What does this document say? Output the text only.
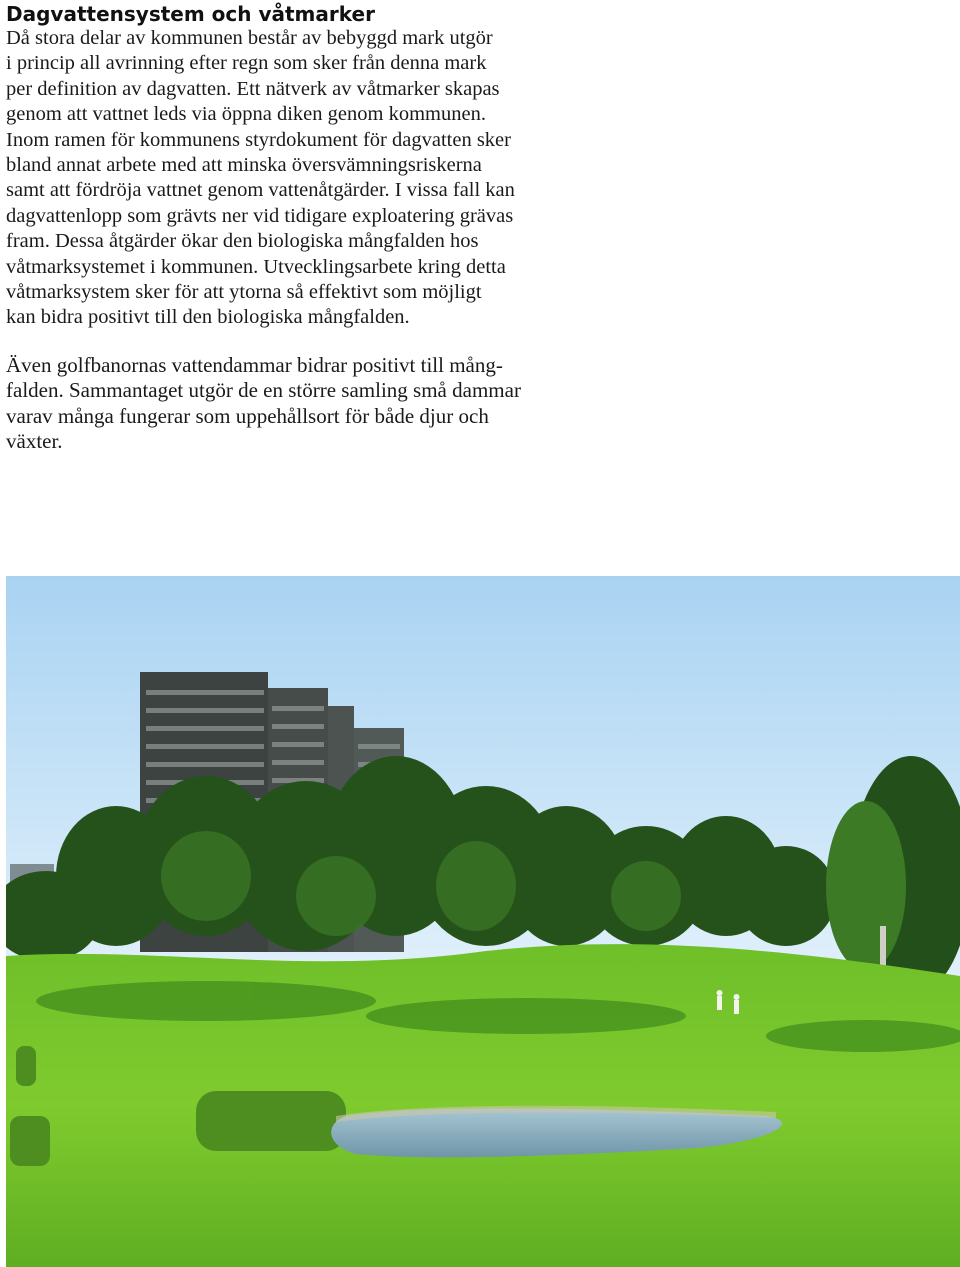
Dagvattensystem och våtmarker

Då stora delar av kommunen består av bebyggd mark utgör
i princip all avrinning efter regn som sker från denna mark
per definition av dagvatten. Ett nätverk av våtmarker skapas
genom att vattnet leds via öppna diken genom kommunen.
Inom ramen för kommunens styrdokument för dagvatten sker
bland annat arbete med att minska översvämningsriskerna
samt att fördröja vattnet genom vattenåtgärder. I vissa fall kan
dagvattenlopp som grävts ner vid tidigare exploatering grävas
fram. Dessa åtgärder ökar den biologiska mångfalden hos
våtmarksystemet i kommunen. Utvecklingsarbete kring detta
våtmarksystem sker för att ytorna så effektivt som möjligt
kan bidra positivt till den biologiska mångfalden.

Även golfbanornas vattendammar bidrar positivt till mång-
falden. Sammantaget utgör de en större samling små dammar
varav många fungerar som uppehållsort för både djur och
växter.
